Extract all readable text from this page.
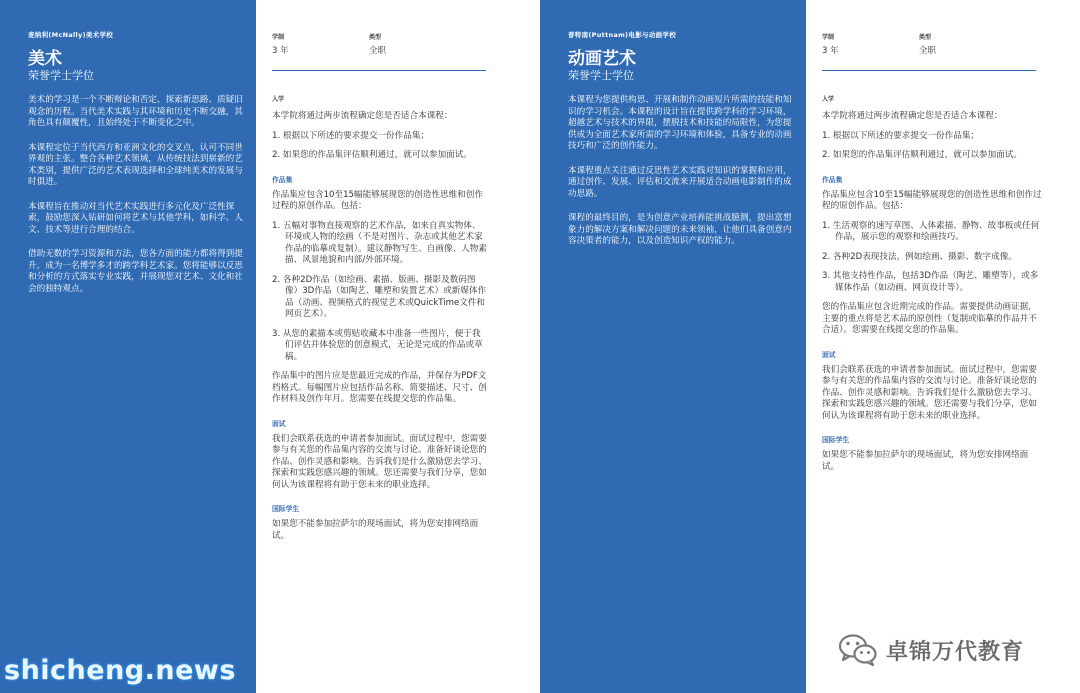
麦纳利(McNally)美术学校
美术
荣誉学士学位

美术的学习是一个不断辩论和否定、探索新思路、质疑旧观念的历程。当代美术实践与其环境和历史不断交融，其角色具有颠覆性，且始终处于不断变化之中。

本课程定位于当代西方和亚洲文化的交叉点，认可不同世界观的主张。整合各种艺术领域，从传统技法到崭新的艺术类别，提供广泛的艺术表现选择和全球纯美术的发展与时俱进。

本课程旨在推动对当代艺术实践进行多元化及广泛性探索，鼓励您深入钻研如何将艺术与其他学科，如科学、人文、技术等进行合理的结合。

借助无数的学习资源和方法，您各方面的能力都将得到提升，成为一名博学多才的跨学科艺术家。您将能够以反思和分析的方式落实专业实践，并展现您对艺术、文化和社会的独特观点。

学制
3 年
类型
全职
入学

本学院将通过两步流程确定您是否适合本课程：

1. 根据以下所述的要求提交一份作品集；

2. 如果您的作品集评估顺利通过，就可以参加面试。

作品集

作品集应包含10至15幅能够展现您的创造性思维和创作过程的原创作品。包括：

1. 五幅对事物直接观察的艺术作品，如来自真实物体、环境或人物的绘画（不是对图片、杂志或其他艺术家作品的临摹或复制）。建议静物写生、自画像、人物素描、风景地貌和内部/外部环境。

2. 各种2D作品（如绘画、素描、版画、摄影及数码图像）3D作品（如陶艺、雕塑和装置艺术）或新媒体作品（动画、视频格式的视觉艺术或QuickTime文件和网页艺术）。

3. 从您的素描本或剪贴收藏本中准备一些图片，便于我们评估并体验您的创意模式，无论是完成的作品或草稿。

作品集中的图片应是您最近完成的作品，并保存为PDF文档格式。每幅图片应包括作品名称、简要描述、尺寸、创作材料及创作年月。您需要在线提交您的作品集。

面试

我们会联系获选的申请者参加面试。面试过程中，您需要参与有关您的作品集内容的交流与讨论。准备好谈论您的作品、创作灵感和影响。告诉我们是什么激励您去学习、探索和实践您感兴趣的领域。您还需要与我们分享，您如何认为该课程将有助于您未来的职业选择。

国际学生

如果您不能参加拉萨尔的现场面试，将为您安排网络面试。

普特南(Puttnam)电影与动画学校
动画艺术
荣誉学士学位

本课程为您提供构思、开展和制作动画短片所需的技能和知识的学习机会。本课程的设计旨在提供跨学科的学习环境，超越艺术与技术的界限，摆脱技术和技能的局限性，为您提供成为全面艺术家所需的学习环境和体验，具备专业的动画技巧和广泛的创作能力。

本课程重点关注通过反思性艺术实践对知识的掌握和应用，通过创作、发展、评估和交流来开展适合动画电影制作的成功思路。

课程的最终目的，是为创意产业培养能挑战臆测，提出富想象力的解决方案和解决问题的未来领袖，让他们具备创意内容决策者的能力，以及创造知识产权的能力。

学制
3 年
类型
全职
入学

本学院将通过两步流程确定您是否适合本课程：

1. 根据以下所述的要求提交一份作品集；

2. 如果您的作品集评估顺利通过，就可以参加面试。

作品集

作品集应包含10至15幅能够展现您的创造性思维和创作过程的原创作品。包括：

1. 生活观察的速写草图、人体素描、静物、故事板或任何作品，展示您的观察和绘画技巧。

2. 各种2D表现技法，例如绘画、摄影、数字成像。

3. 其他支持性作品，包括3D作品（陶艺、雕塑等），或多媒体作品（如动画、网页设计等）。

您的作品集应包含近期完成的作品。需要提供动画证据，主要的重点将是艺术品的原创性（复制或临摹的作品并不合适）。您需要在线提交您的作品集。

面试

我们会联系获选的申请者参加面试。面试过程中，您需要参与有关您的作品集内容的交流与讨论。准备好谈论您的作品、创作灵感和影响。告诉我们是什么激励您去学习、探索和实践您感兴趣的领域。您还需要与我们分享，您如何认为该课程将有助于您未来的职业选择。

国际学生

如果您不能参加拉萨尔的现场面试，将为您安排网络面试。

shicheng.news
卓锦万代教育
